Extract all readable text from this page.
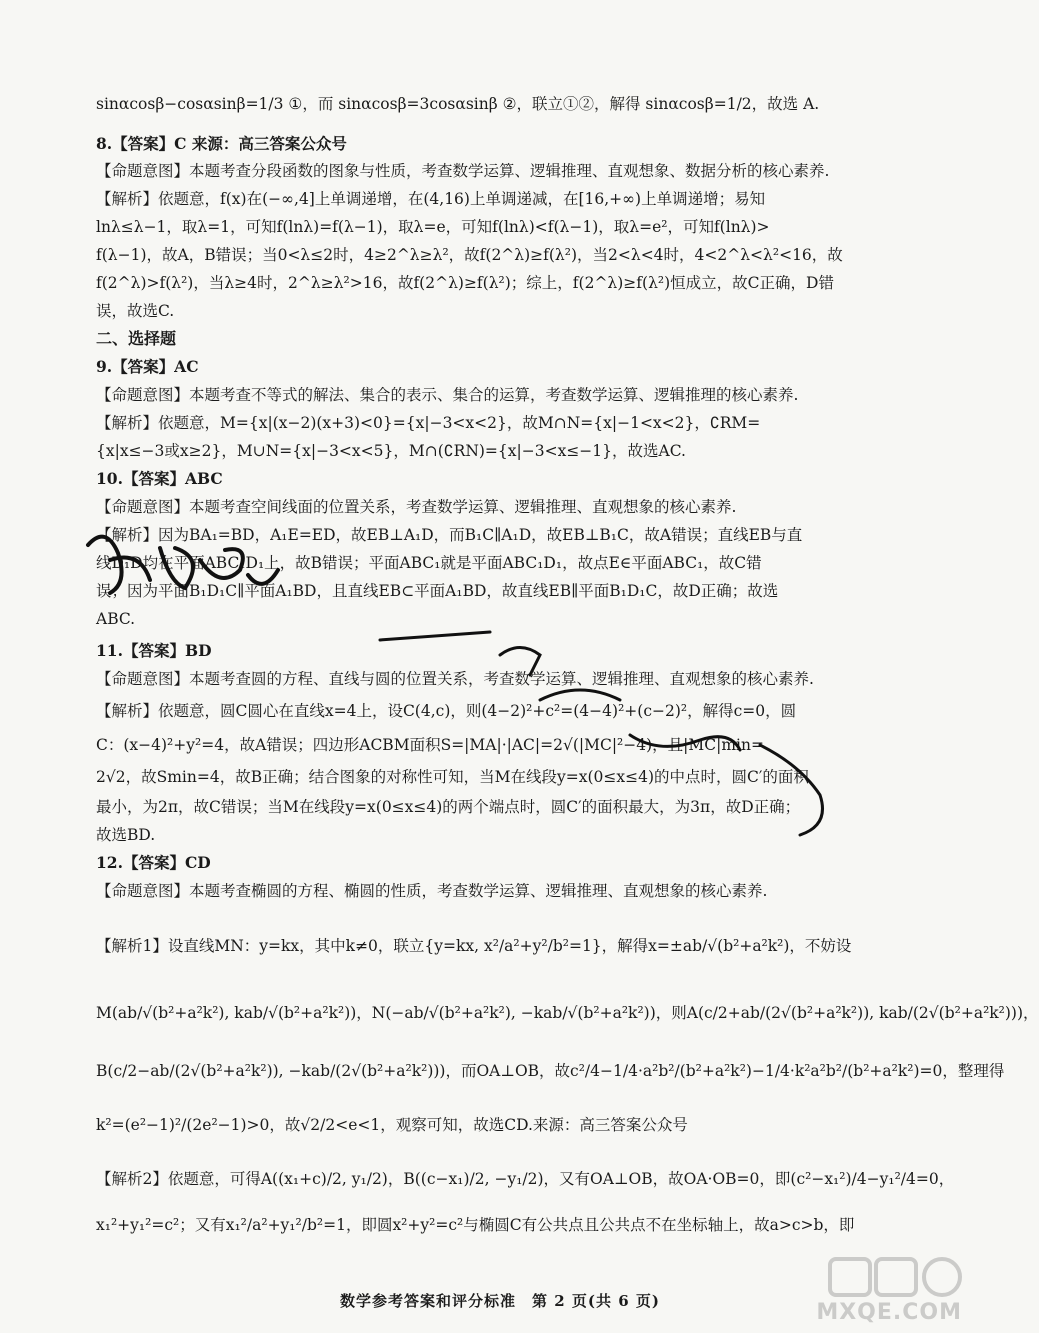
sinαcosβ−cosαsinβ=1/3 ①，而 sinαcosβ=3cosαsinβ ②，联立①②，解得 sinαcosβ=1/2，故选 A.
8.【答案】C 来源：高三答案公众号
【命题意图】本题考查分段函数的图象与性质，考查数学运算、逻辑推理、直观想象、数据分析的核心素养.
【解析】依题意，f(x)在(−∞,4]上单调递增，在(4,16)上单调递减，在[16,+∞)上单调递增；易知
lnλ≤λ−1，取λ=1，可知f(lnλ)=f(λ−1)，取λ=e，可知f(lnλ)<f(λ−1)，取λ=e²，可知f(lnλ)>
f(λ−1)，故A，B错误；当0<λ≤2时，4≥2^λ≥λ²，故f(2^λ)≥f(λ²)，当2<λ<4时，4<2^λ<λ²<16，故
f(2^λ)>f(λ²)，当λ≥4时，2^λ≥λ²>16，故f(2^λ)≥f(λ²)；综上，f(2^λ)≥f(λ²)恒成立，故C正确，D错
误，故选C.
二、选择题
9.【答案】AC
【命题意图】本题考查不等式的解法、集合的表示、集合的运算，考查数学运算、逻辑推理的核心素养.
【解析】依题意，M={x|(x−2)(x+3)<0}={x|−3<x<2}，故M∩N={x|−1<x<2}，∁RM=
{x|x≤−3或x≥2}，M∪N={x|−3<x<5}，M∩(∁RN)={x|−3<x≤−1}，故选AC.
10.【答案】ABC
【命题意图】本题考查空间线面的位置关系，考查数学运算、逻辑推理、直观想象的核心素养.
【解析】因为BA₁=BD，A₁E=ED，故EB⊥A₁D，而B₁C∥A₁D，故EB⊥B₁C，故A错误；直线EB与直
线D₁D均在平面ABC₁D₁上，故B错误；平面ABC₁就是平面ABC₁D₁，故点E∈平面ABC₁，故C错
误；因为平面B₁D₁C∥平面A₁BD，且直线EB⊂平面A₁BD，故直线EB∥平面B₁D₁C，故D正确；故选
ABC.
11.【答案】BD
【命题意图】本题考查圆的方程、直线与圆的位置关系，考查数学运算、逻辑推理、直观想象的核心素养.
【解析】依题意，圆C圆心在直线x=4上，设C(4,c)，则(4−2)²+c²=(4−4)²+(c−2)²，解得c=0，圆
C：(x−4)²+y²=4，故A错误；四边形ACBM面积S=|MA|·|AC|=2√(|MC|²−4)，且|MC|min=
2√2，故Smin=4，故B正确；结合图象的对称性可知，当M在线段y=x(0≤x≤4)的中点时，圆C′的面积
最小，为2π，故C错误；当M在线段y=x(0≤x≤4)的两个端点时，圆C′的面积最大，为3π，故D正确；
故选BD.
12.【答案】CD
【命题意图】本题考查椭圆的方程、椭圆的性质，考查数学运算、逻辑推理、直观想象的核心素养.
【解析1】设直线MN：y=kx，其中k≠0，联立{y=kx, x²/a²+y²/b²=1}，解得x=±ab/√(b²+a²k²)，不妨设
M(ab/√(b²+a²k²), kab/√(b²+a²k²))，N(−ab/√(b²+a²k²), −kab/√(b²+a²k²))，则A(c/2+ab/(2√(b²+a²k²)), kab/(2√(b²+a²k²)))，
B(c/2−ab/(2√(b²+a²k²)), −kab/(2√(b²+a²k²)))，而OA⊥OB，故c²/4−1/4·a²b²/(b²+a²k²)−1/4·k²a²b²/(b²+a²k²)=0，整理得
k²=(e²−1)²/(2e²−1)>0，故√2/2<e<1，观察可知，故选CD.来源：高三答案公众号
【解析2】依题意，可得A((x₁+c)/2, y₁/2)，B((c−x₁)/2, −y₁/2)，又有OA⊥OB，故OA·OB=0，即(c²−x₁²)/4−y₁²/4=0，
x₁²+y₁²=c²；又有x₁²/a²+y₁²/b²=1，即圆x²+y²=c²与椭圆C有公共点且公共点不在坐标轴上，故a>c>b，即
数学参考答案和评分标准　第 2 页(共 6 页)	MXQE.COM
